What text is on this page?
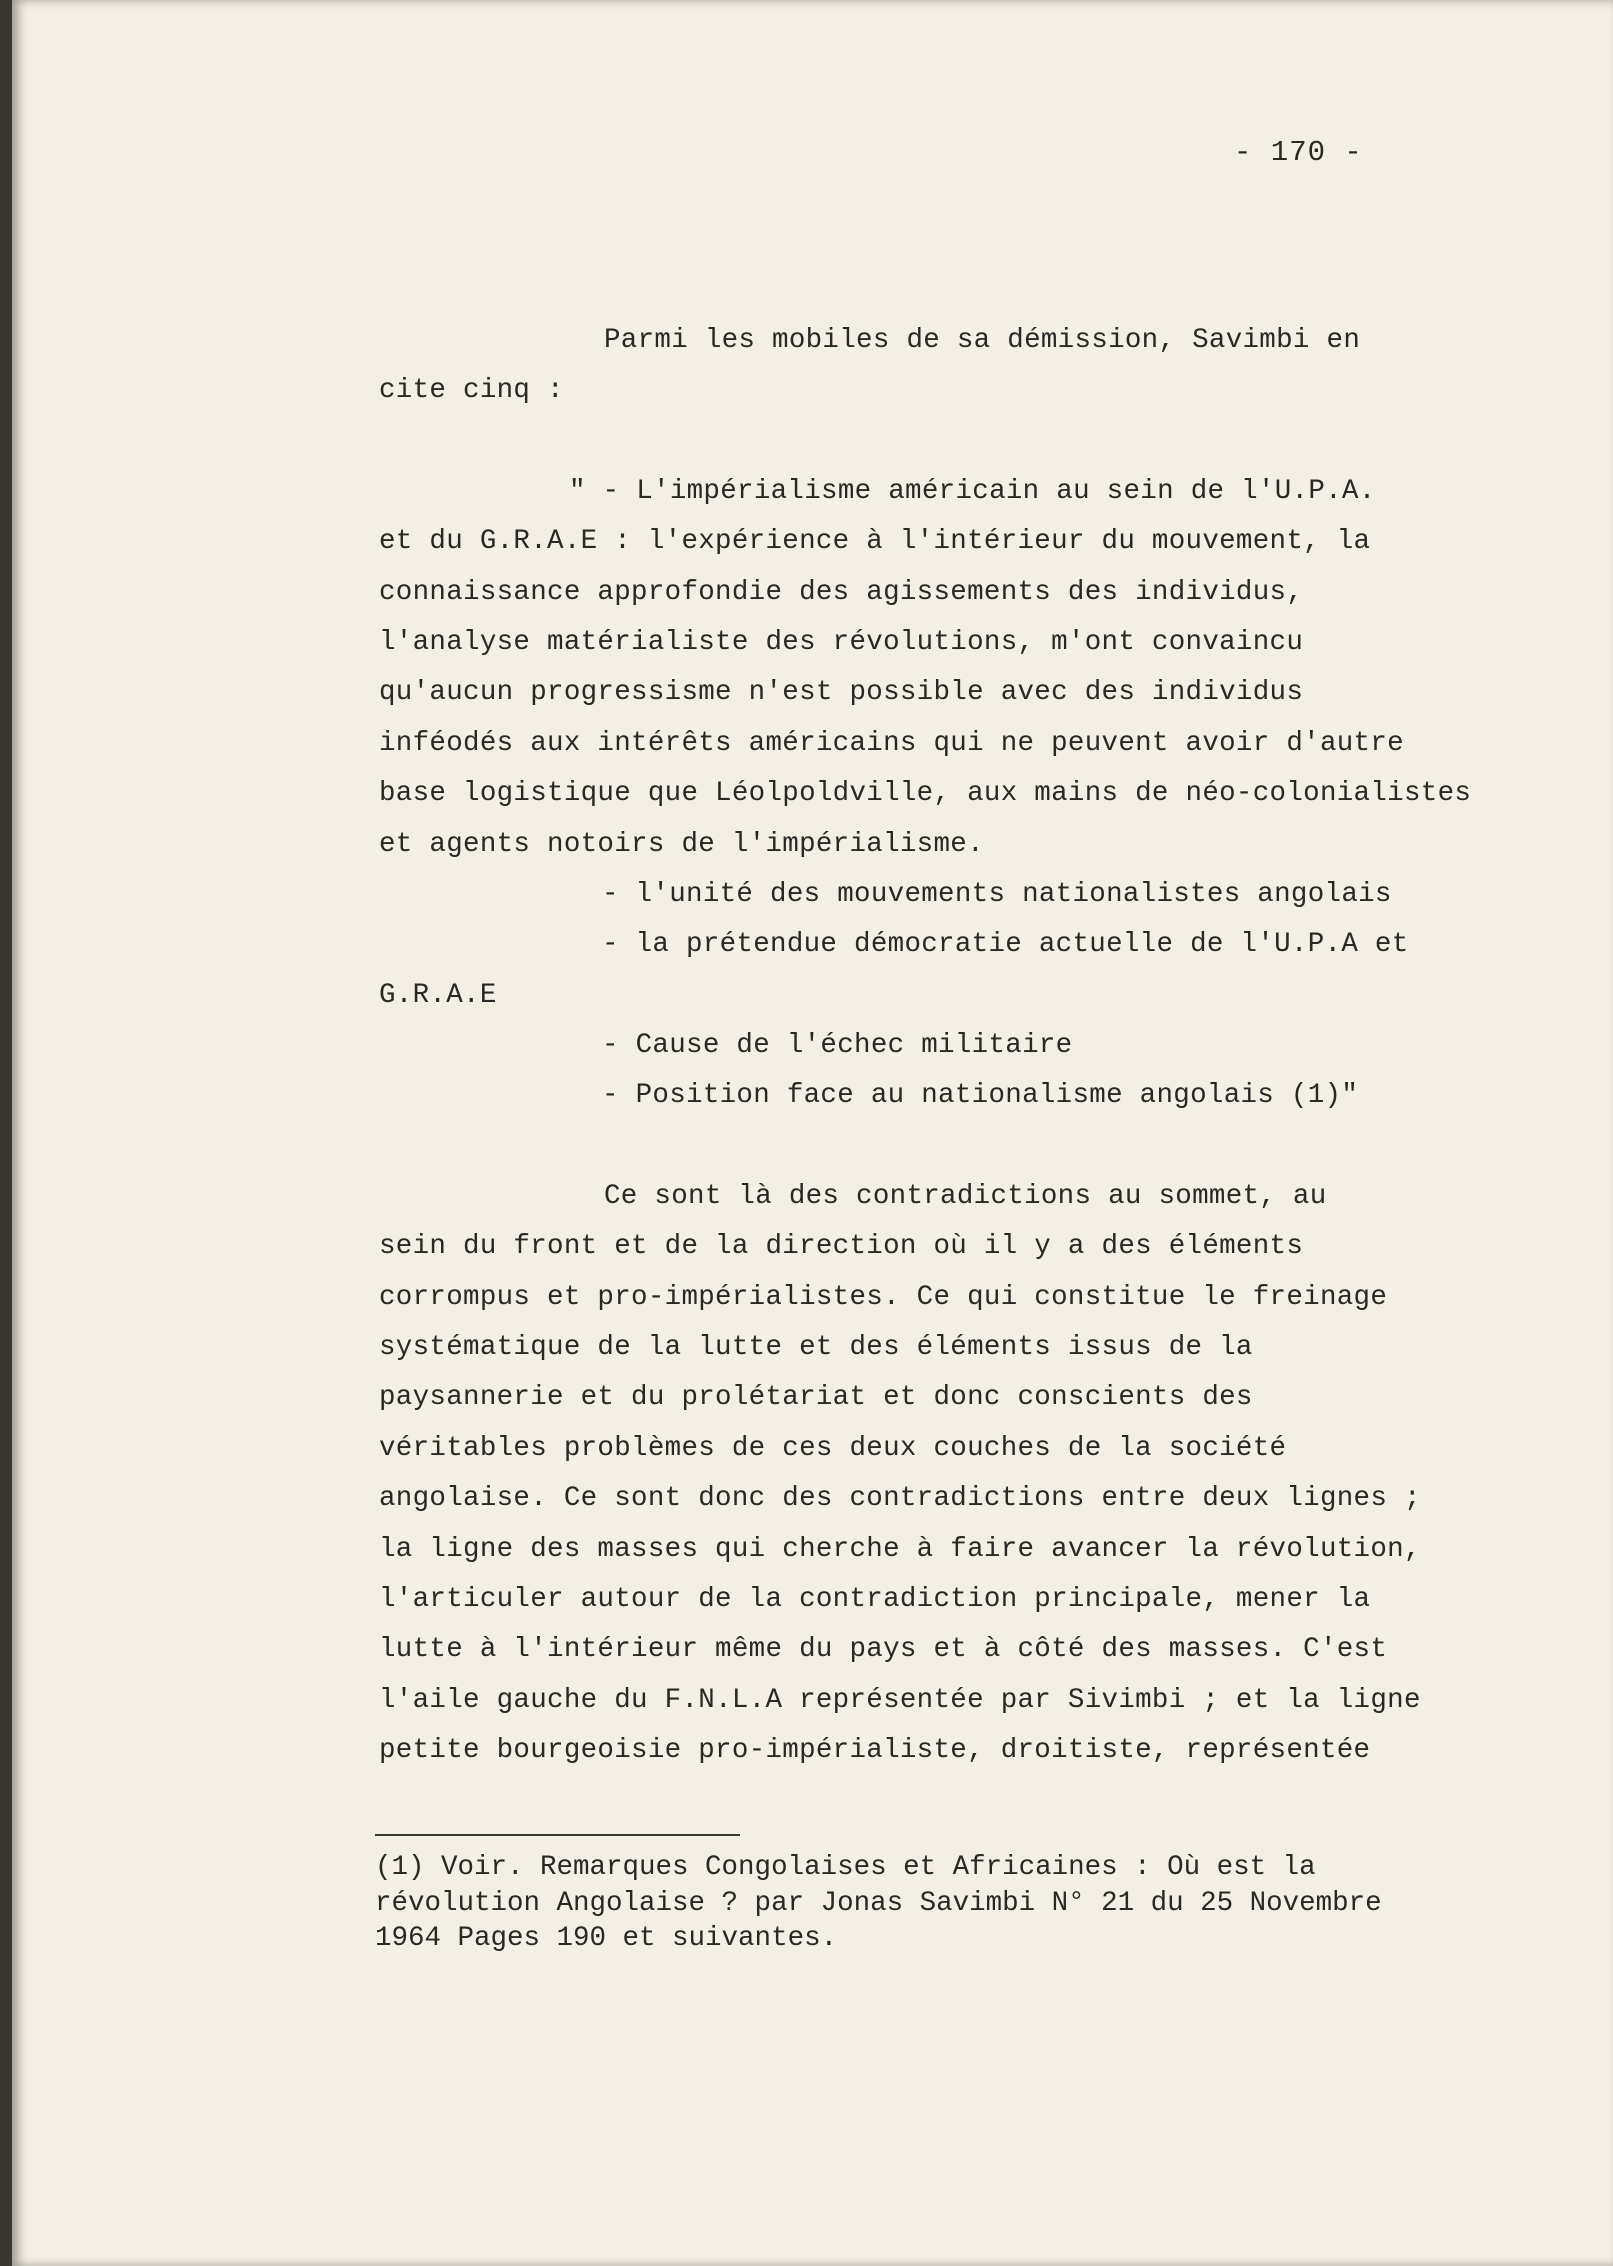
- 170 -
Parmi les mobiles de sa démission, Savimbi en
cite cinq :
" - L'impérialisme américain au sein de l'U.P.A.
et du G.R.A.E : l'expérience à l'intérieur du mouvement, la
connaissance approfondie des agissements des individus,
l'analyse matérialiste des révolutions, m'ont convaincu
qu'aucun progressisme n'est possible avec des individus
inféodés aux intérêts américains qui ne peuvent avoir d'autre
base logistique que Léolpoldville, aux mains de néo-colonialistes
et agents notoirs de l'impérialisme.
- l'unité des mouvements nationalistes angolais
- la prétendue démocratie actuelle de l'U.P.A et
G.R.A.E
- Cause de l'échec militaire
- Position face au nationalisme angolais (1)"
Ce sont là des contradictions au sommet, au
sein du front et de la direction où il y a des éléments
corrompus et pro-impérialistes. Ce qui constitue le freinage
systématique de la lutte et des éléments issus de la
paysannerie et du prolétariat et donc conscients des
véritables problèmes de ces deux couches de la société
angolaise. Ce sont donc des contradictions entre deux lignes ;
la ligne des masses qui cherche à faire avancer la révolution,
l'articuler autour de la contradiction principale, mener la
lutte à l'intérieur même du pays et à côté des masses. C'est
l'aile gauche du F.N.L.A représentée par Sivimbi ; et la ligne
petite bourgeoisie pro-impérialiste, droitiste, représentée
(1) Voir. Remarques Congolaises et Africaines : Où est la
révolution Angolaise ? par Jonas Savimbi N° 21 du 25 Novembre
1964 Pages 190 et suivantes.
